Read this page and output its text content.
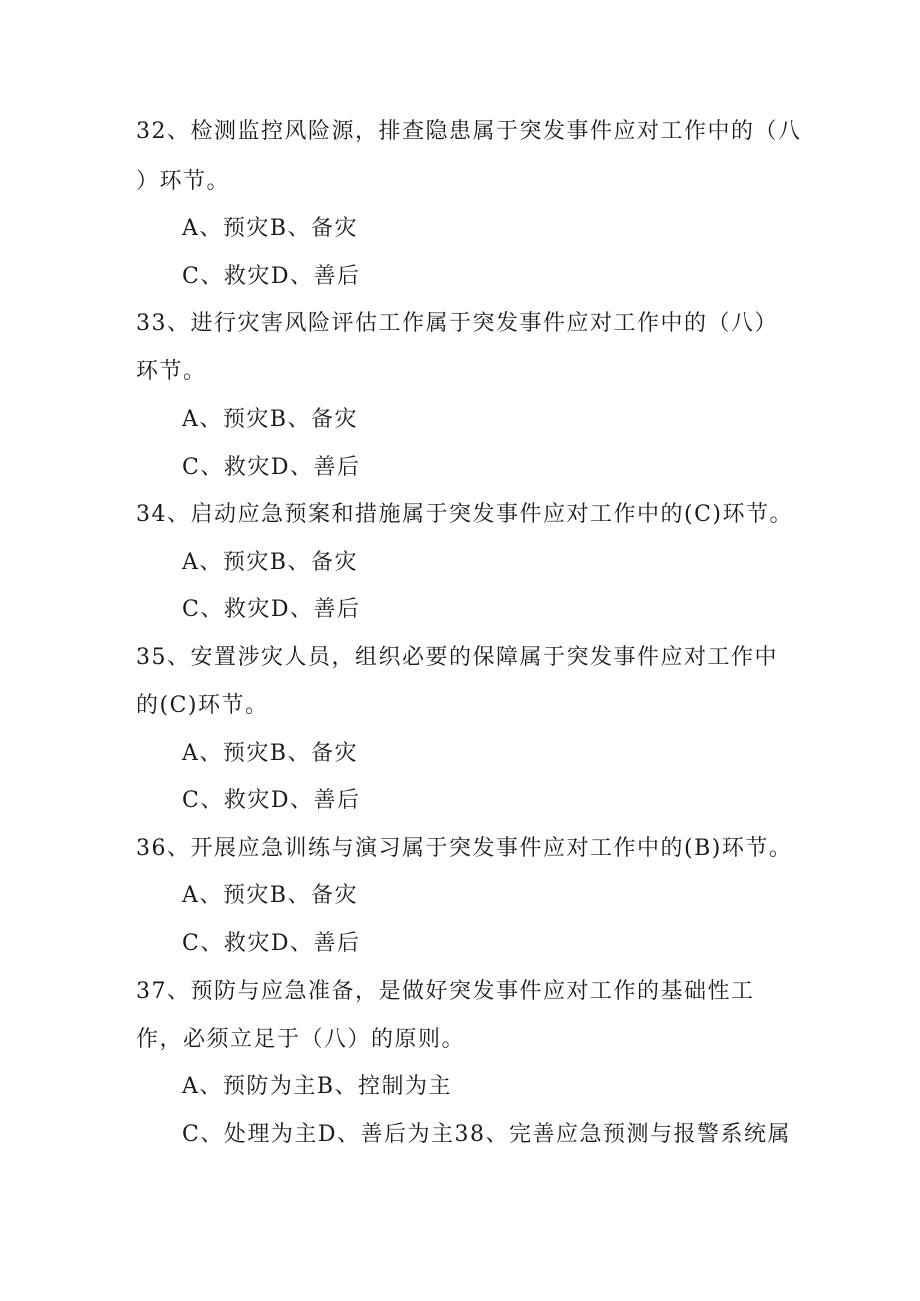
32、检测监控风险源，排查隐患属于突发事件应对工作中的（八
）环节。
A、预灾B、备灾
C、救灾D、善后
33、进行灾害风险评估工作属于突发事件应对工作中的（八）
环节。
A、预灾B、备灾
C、救灾D、善后
34、启动应急预案和措施属于突发事件应对工作中的(C)环节。
A、预灾B、备灾
C、救灾D、善后
35、安置涉灾人员，组织必要的保障属于突发事件应对工作中
的(C)环节。
A、预灾B、备灾
C、救灾D、善后
36、开展应急训练与演习属于突发事件应对工作中的(B)环节。
A、预灾B、备灾
C、救灾D、善后
37、预防与应急准备，是做好突发事件应对工作的基础性工
作，必须立足于（八）的原则。
A、预防为主B、控制为主
C、处理为主D、善后为主38、完善应急预测与报警系统属
